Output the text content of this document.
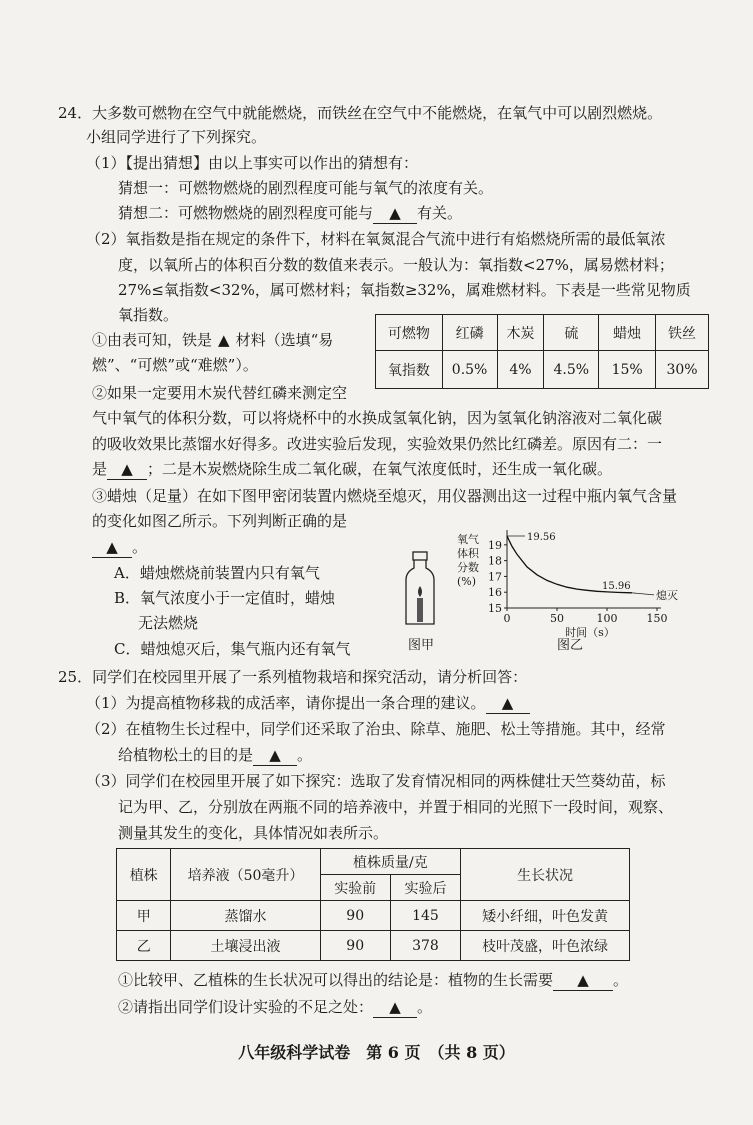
24．大多数可燃物在空气中就能燃烧，而铁丝在空气中不能燃烧，在氧气中可以剧烈燃烧。
小组同学进行了下列探究。
（1）【提出猜想】由以上事实可以作出的猜想有：
猜想一：可燃物燃烧的剧烈程度可能与氧气的浓度有关。
猜想二：可燃物燃烧的剧烈程度可能与 ▲ 有关。
（2）氧指数是指在规定的条件下，材料在氧氮混合气流中进行有焰燃烧所需的最低氧浓
度，以氧所占的体积百分数的数值来表示。一般认为：氧指数<27%，属易燃材料；
27%≤氧指数<32%，属可燃材料；氧指数≥32%，属难燃材料。下表是一些常见物质
氧指数。
①由表可知，铁是 ▲ 材料（选填“易
燃”、“可燃”或“难燃”）。
可燃物	红磷	木炭	硫	蜡烛	铁丝
氧指数	0.5%	4%	4.5%	15%	30%
②如果一定要用木炭代替红磷来测定空
气中氧气的体积分数，可以将烧杯中的水换成氢氧化钠，因为氢氧化钠溶液对二氧化碳
的吸收效果比蒸馏水好得多。改进实验后发现，实验效果仍然比红磷差。原因有二：一
是 ▲ ；二是木炭燃烧除生成二氧化碳，在氧气浓度低时，还生成一氧化碳。
③蜡烛（足量）在如下图甲密闭装置内燃烧至熄灭，用仪器测出这一过程中瓶内氧气含量
的变化如图乙所示。下列判断正确的是
▲ 。
A．蜡烛燃烧前装置内只有氧气
B．氧气浓度小于一定值时，蜡烛
无法燃烧
C．蜡烛熄灭后，集气瓶内还有氧气	图甲
氧气
体积
分数
(%)
19
18
17
16
15
0	50	100	150
时间（s）
19.56
15.96
熄灭
图乙
25．同学们在校园里开展了一系列植物栽培和探究活动，请分析回答：
（1）为提高植物移栽的成活率，请你提出一条合理的建议。 ▲
（2）在植物生长过程中，同学们还采取了治虫、除草、施肥、松土等措施。其中，经常
给植物松土的目的是 ▲ 。
（3）同学们在校园里开展了如下探究：选取了发育情况相同的两株健壮天竺葵幼苗，标
记为甲、乙，分别放在两瓶不同的培养液中，并置于相同的光照下一段时间，观察、
测量其发生的变化，具体情况如表所示。
植株	培养液（50毫升）	植株质量/克		生长状况
		实验前	实验后	
甲	蒸馏水	90	145	矮小纤细，叶色发黄
乙	土壤浸出液	90	378	枝叶茂盛，叶色浓绿
①比较甲、乙植株的生长状况可以得出的结论是：植物的生长需要 ▲ 。
②请指出同学们设计实验的不足之处： ▲ 。
八年级科学试卷　第 6 页　（共 8 页）
